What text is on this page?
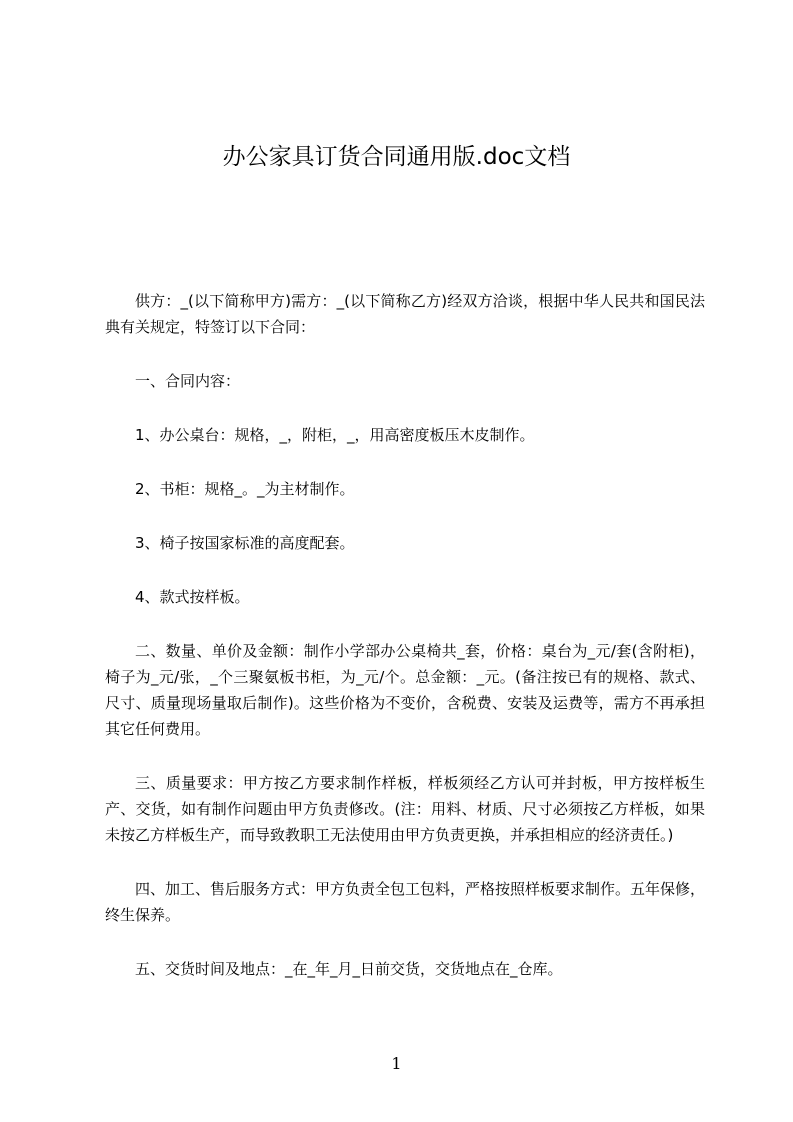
办公家具订货合同通用版.doc文档

供方：_(以下简称甲方)需方：_(以下简称乙方)经双方洽谈，根据中华人民共和国民法典有关规定，特签订以下合同：

一、合同内容：

1、办公桌台：规格，_，附柜，_，用高密度板压木皮制作。

2、书柜：规格_。_为主材制作。

3、椅子按国家标准的高度配套。

4、款式按样板。

二、数量、单价及金额：制作小学部办公桌椅共_套，价格：桌台为_元/套(含附柜)，椅子为_元/张，_个三聚氨板书柜，为_元/个。总金额：_元。(备注按已有的规格、款式、尺寸、质量现场量取后制作)。这些价格为不变价，含税费、安装及运费等，需方不再承担其它任何费用。

三、质量要求：甲方按乙方要求制作样板，样板须经乙方认可并封板，甲方按样板生产、交货，如有制作问题由甲方负责修改。(注：用料、材质、尺寸必须按乙方样板，如果未按乙方样板生产，而导致教职工无法使用由甲方负责更换，并承担相应的经济责任。)

四、加工、售后服务方式：甲方负责全包工包料，严格按照样板要求制作。五年保修，终生保养。

五、交货时间及地点：_在_年_月_日前交货，交货地点在_仓库。

1
